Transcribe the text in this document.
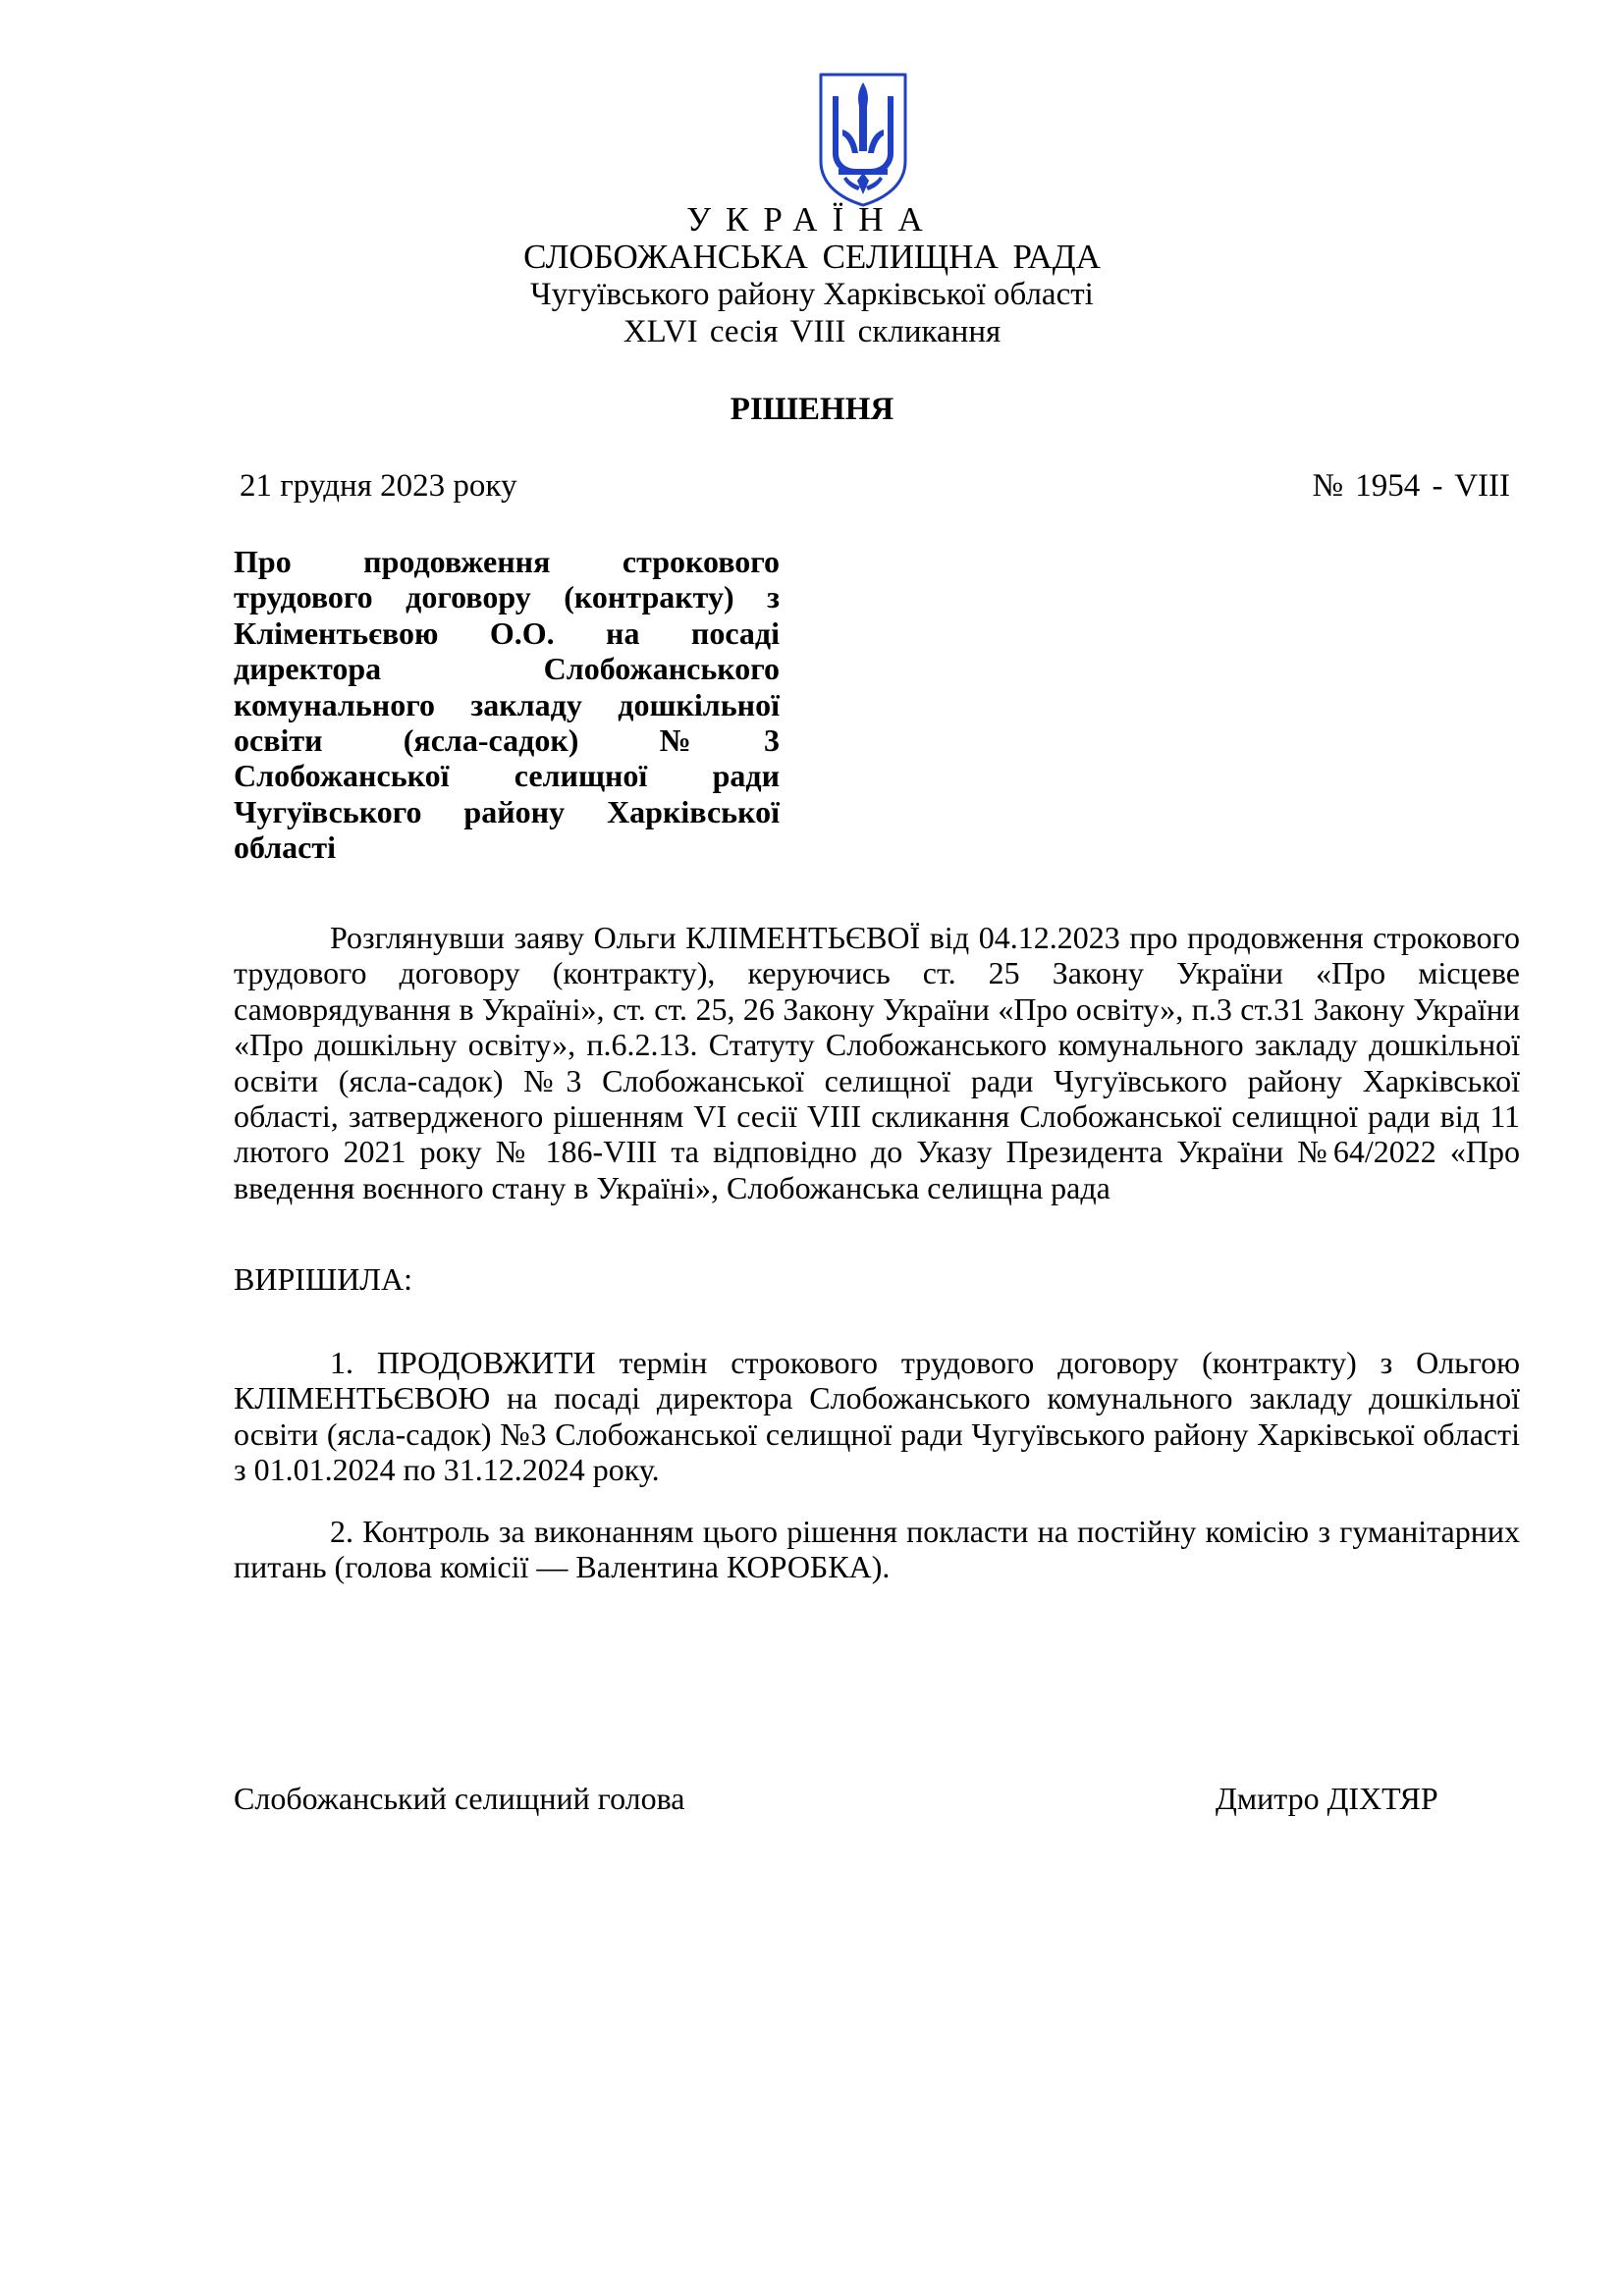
УКРАЇНА
СЛОБОЖАНСЬКА СЕЛИЩНА РАДА
Чугуївського району Харківської області
XLVI сесія VIII скликання
РІШЕННЯ
21 грудня 2023 року	№ 1954 - VIII
Про продовження строкового трудового договору (контракту) з Кліментьєвою О.О. на посаді директора Слобожанського комунального закладу дошкільної освіти (ясла-садок) №3 Слобожанської селищної ради Чугуївського району Харківської області
Розглянувши заяву Ольги КЛІМЕНТЬЄВОЇ від 04.12.2023 про продовження строкового трудового договору (контракту), керуючись ст. 25 Закону України «Про місцеве самоврядування в Україні», ст. ст. 25, 26 Закону України «Про освіту», п.3 ст.31 Закону України «Про дошкільну освіту», п.6.2.13. Статуту Слобожанського комунального закладу дошкільної освіти (ясла-садок) №3 Слобожанської селищної ради Чугуївського району Харківської області, затвердженого рішенням VI сесії VIII скликання Слобожанської селищної ради від 11 лютого 2021 року № 186-VIII та відповідно до Указу Президента України №64/2022 «Про введення воєнного стану в Україні», Слобожанська селищна рада
ВИРІШИЛА:
1. ПРОДОВЖИТИ термін строкового трудового договору (контракту) з Ольгою КЛІМЕНТЬЄВОЮ на посаді директора Слобожанського комунального закладу дошкільної освіти (ясла-садок) №3 Слобожанської селищної ради Чугуївського району Харківської області з 01.01.2024 по 31.12.2024 року.
2. Контроль за виконанням цього рішення покласти на постійну комісію з гуманітарних питань (голова комісії — Валентина КОРОБКА).
Слобожанський селищний голова	Дмитро ДІХТЯР
